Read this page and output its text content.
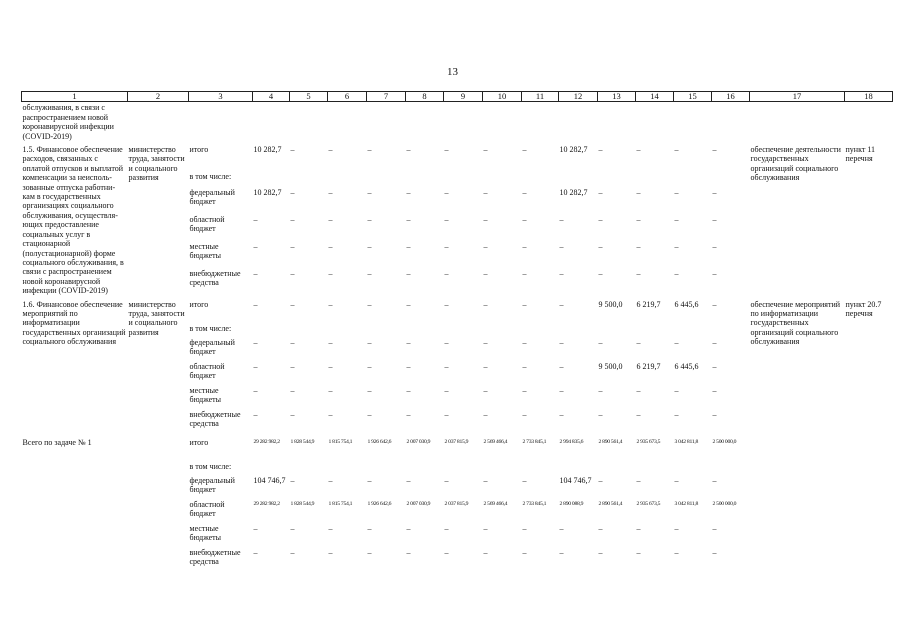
13
1	2	3	4	5	6	7	8	9	10	11	12	13	14	15	16	17	18
обслуживания, в связи с распространением новой коронавирусной инфекции (COVID-2019)																	

1.5. Финансовое обеспечение расходов, связанных с оплатой отпусков и выплатой компенсации за неисполь-зованные отпуска работни-кам в государственных организациях социального обслуживания, осуществля-ющих предоставление социальных услуг в стационарной (полустационарной) форме социального обслуживания, в связи с распространением новой коронавирусной инфекции (COVID-2019)	министерство труда, занятости и социального развития	итого	10 282,7	–	–	–	–	–	–	–	10 282,7	–	–	–	–	обеспечение деятельности государственных организаций социального обслуживания	пункт 11 перечня
		в том числе:															
		федеральный бюджет	10 282,7	–	–	–	–	–	–	–	10 282,7	–	–	–	–		
		областной бюджет	–	–	–	–	–	–	–	–	–	–	–	–	–		
		местные бюджеты	–	–	–	–	–	–	–	–	–	–	–	–	–		
		внебюджетные средства	–	–	–	–	–	–	–	–	–	–	–	–	–		

1.6. Финансовое обеспечение мероприятий по информатизации государственных организаций социального обслуживания	министерство труда, занятости и социального развития	итого	–	–	–	–	–	–	–	–	–	9 500,0	6 219,7	6 445,6	–	обеспечение мероприятий по информатизации государственных организаций социального обслуживания	пункт 20.7 перечня
		в том числе:															
		федеральный бюджет	–	–	–	–	–	–	–	–	–	–	–	–	–		
		областной бюджет	–	–	–	–	–	–	–	–	–	9 500,0	6 219,7	6 445,6	–		
		местные бюджеты	–	–	–	–	–	–	–	–	–	–	–	–	–		
		внебюджетные средства	–	–	–	–	–	–	–	–	–	–	–	–	–		

Всего по задаче № 1		итого	29 282 982,2	1 828 544,9	1 815 754,1	1 926 642,6	2 007 030,9	2 037 815,9	2 569 466,4	2 733 845,1	2 994 835,6	2 890 561,4	2 935 673,5	3 042 811,8	2 500 000,0		
		в том числе:															
		федеральный бюджет	104 746,7	–	–	–	–	–	–	–	104 746,7	–	–	–	–		
		областной бюджет	29 282 982,2	1 828 544,9	1 815 754,1	1 926 642,6	2 007 030,9	2 037 815,9	2 569 466,4	2 733 845,1	2 890 088,9	2 890 561,4	2 935 673,5	3 042 811,8	2 500 000,0		
		местные бюджеты	–	–	–	–	–	–	–	–	–	–	–	–	–		
		внебюджетные средства	–	–	–	–	–	–	–	–	–	–	–	–	–		
